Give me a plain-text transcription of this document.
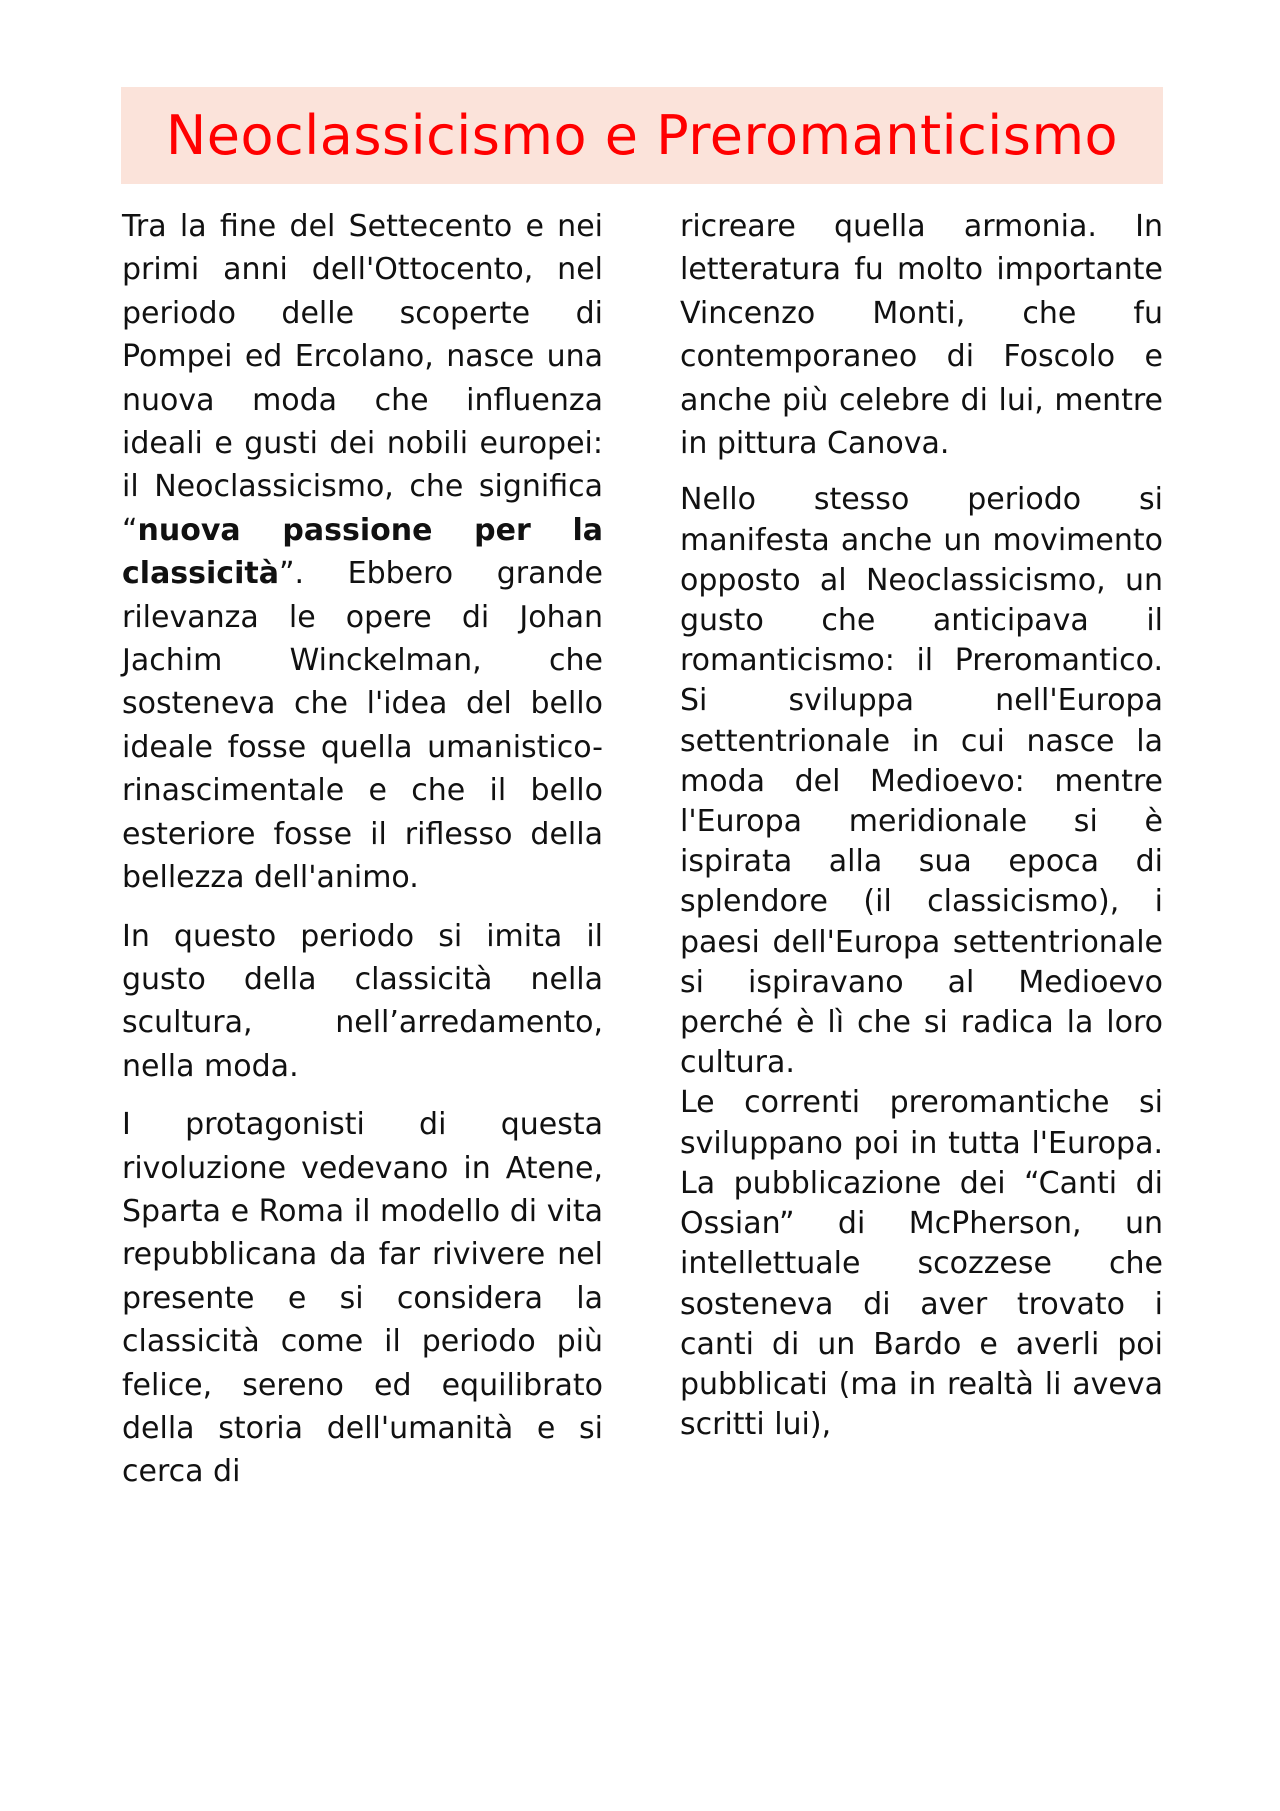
Neoclassicismo e Preromanticismo

Tra la fine del Settecento e nei primi anni dell'Ottocento, nel periodo delle scoperte di Pompei ed Ercolano, nasce una nuova moda che influenza ideali e gusti dei nobili europei: il Neoclassicismo, che significa “nuova passione per la classicità”. Ebbero grande rilevanza le opere di Johan Jachim Winckelman, che sosteneva che l'idea del bello ideale fosse quella umanistico-rinascimentale e che il bello esteriore fosse il riflesso della bellezza dell'animo.

In questo periodo si imita il gusto della classicità nella scultura, nell’arredamento, nella moda.

I protagonisti di questa rivoluzione vedevano in Atene, Sparta e Roma il modello di vita repubblicana da far rivivere nel presente e si considera la classicità come il periodo più felice, sereno ed equilibrato della storia dell'umanità e si cerca di

ricreare quella armonia. In letteratura fu molto importante Vincenzo Monti, che fu contemporaneo di Foscolo e anche più celebre di lui, mentre in pittura Canova.

Nello stesso periodo si manifesta anche un movimento opposto al Neoclassicismo, un gusto che anticipava il romanticismo: il Preromantico. Si sviluppa nell'Europa settentrionale in cui nasce la moda del Medioevo: mentre l'Europa meridionale si è ispirata alla sua epoca di splendore (il classicismo), i paesi dell'Europa settentrionale si ispiravano al Medioevo perché è lì che si radica la loro cultura.

Le correnti preromantiche si sviluppano poi in tutta l'Europa. La pubblicazione dei “Canti di Ossian” di McPherson, un intellettuale scozzese che sosteneva di aver trovato i canti di un Bardo e averli poi pubblicati (ma in realtà li aveva scritti lui),
